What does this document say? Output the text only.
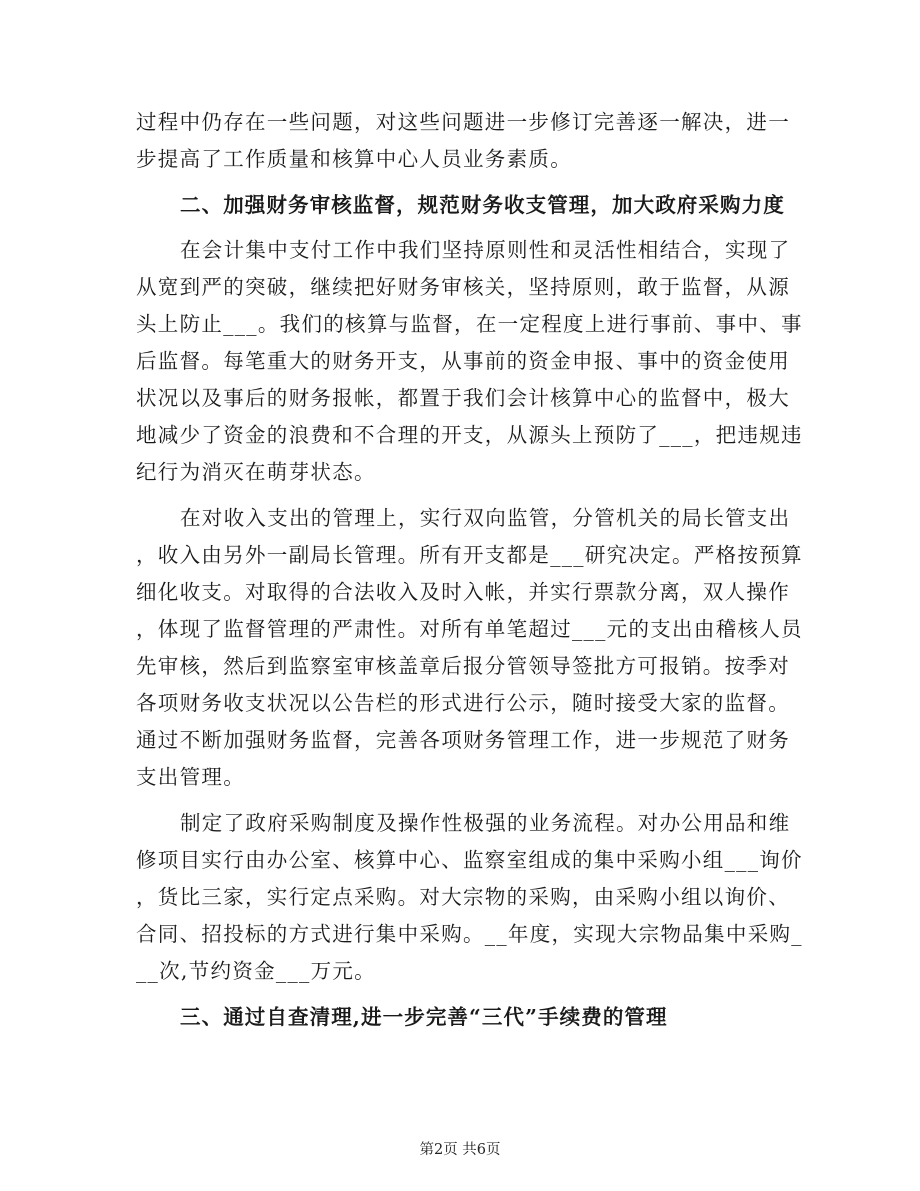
过程中仍存在一些问题，对这些问题进一步修订完善逐一解决，进一
步提高了工作质量和核算中心人员业务素质。
二、加强财务审核监督，规范财务收支管理，加大政府采购力度
在会计集中支付工作中我们坚持原则性和灵活性相结合，实现了
从宽到严的突破，继续把好财务审核关，坚持原则，敢于监督，从源
头上防止___。我们的核算与监督，在一定程度上进行事前、事中、事
后监督。每笔重大的财务开支，从事前的资金申报、事中的资金使用
状况以及事后的财务报帐，都置于我们会计核算中心的监督中，极大
地减少了资金的浪费和不合理的开支，从源头上预防了___，把违规违
纪行为消灭在萌芽状态。
在对收入支出的管理上，实行双向监管，分管机关的局长管支出
，收入由另外一副局长管理。所有开支都是___研究决定。严格按预算
细化收支。对取得的合法收入及时入帐，并实行票款分离，双人操作
，体现了监督管理的严肃性。对所有单笔超过___元的支出由稽核人员
先审核，然后到监察室审核盖章后报分管领导签批方可报销。按季对
各项财务收支状况以公告栏的形式进行公示，随时接受大家的监督。
通过不断加强财务监督，完善各项财务管理工作，进一步规范了财务
支出管理。
制定了政府采购制度及操作性极强的业务流程。对办公用品和维
修项目实行由办公室、核算中心、监察室组成的集中采购小组___询价
，货比三家，实行定点采购。对大宗物的采购，由采购小组以询价、
合同、招投标的方式进行集中采购。__年度，实现大宗物品集中采购_
__次,节约资金___万元。
三、通过自查清理,进一步完善“三代”手续费的管理
第2页 共6页
